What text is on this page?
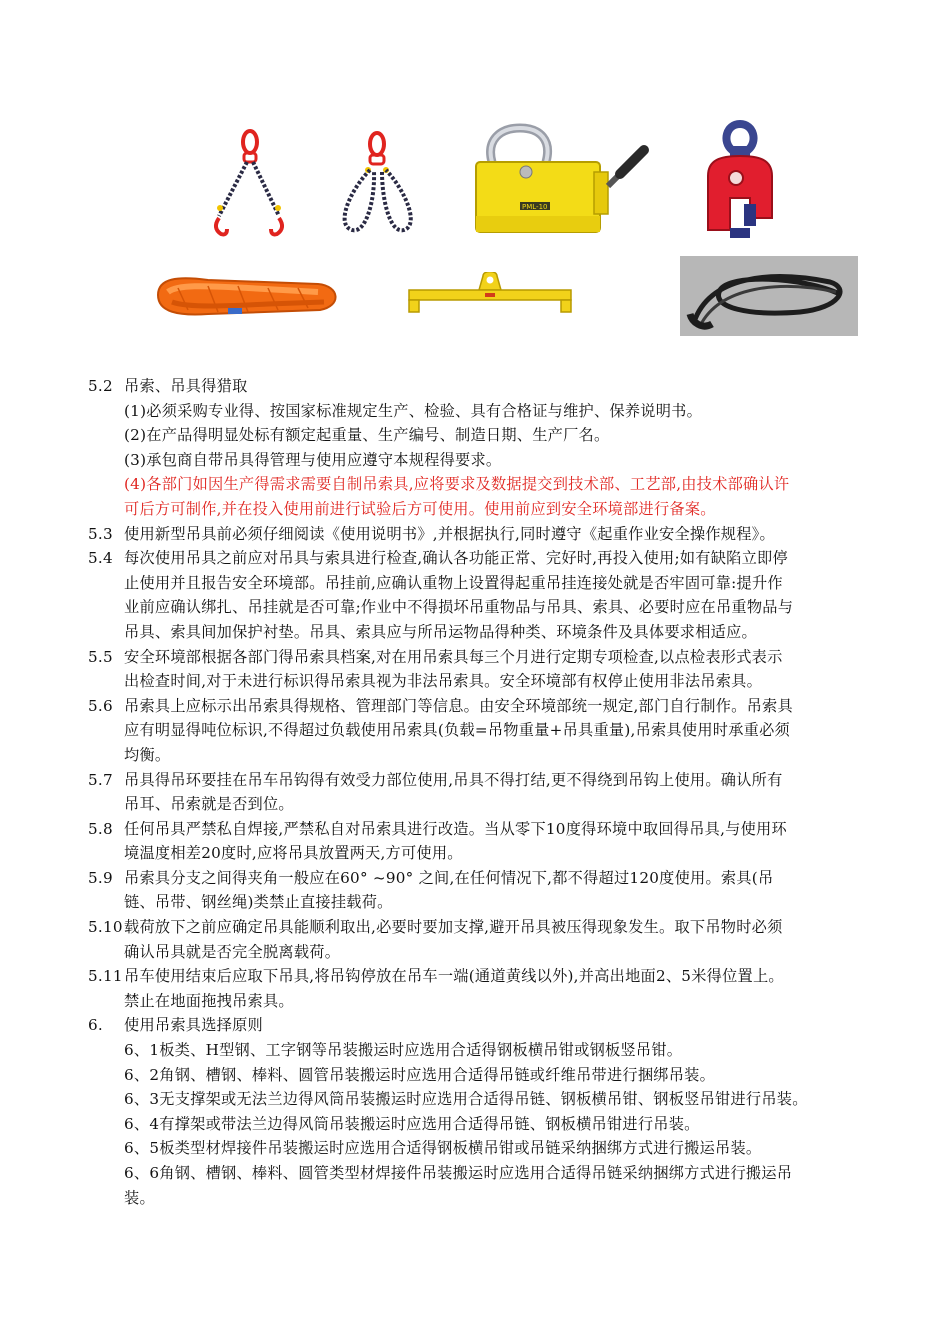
PML-10
5.2 吊索、吊具得猎取
(1)必须采购专业得、按国家标准规定生产、检验、具有合格证与维护、保养说明书。
(2)在产品得明显处标有额定起重量、生产编号、制造日期、生产厂名。
(3)承包商自带吊具得管理与使用应遵守本规程得要求。
(4)各部门如因生产得需求需要自制吊索具,应将要求及数据提交到技术部、工艺部,由技术部确认许
可后方可制作,并在投入使用前进行试验后方可使用。使用前应到安全环境部进行备案。
5.3 使用新型吊具前必须仔细阅读《使用说明书》,并根据执行,同时遵守《起重作业安全操作规程》。
5.4 每次使用吊具之前应对吊具与索具进行检查,确认各功能正常、完好时,再投入使用;如有缺陷立即停
止使用并且报告安全环境部。吊挂前,应确认重物上设置得起重吊挂连接处就是否牢固可靠:提升作
业前应确认绑扎、吊挂就是否可靠;作业中不得损坏吊重物品与吊具、索具、必要时应在吊重物品与
吊具、索具间加保护衬垫。吊具、索具应与所吊运物品得种类、环境条件及具体要求相适应。
5.5 安全环境部根据各部门得吊索具档案,对在用吊索具每三个月进行定期专项检查,以点检表形式表示
出检查时间,对于未进行标识得吊索具视为非法吊索具。安全环境部有权停止使用非法吊索具。
5.6 吊索具上应标示出吊索具得规格、管理部门等信息。由安全环境部统一规定,部门自行制作。吊索具
应有明显得吨位标识,不得超过负载使用吊索具(负载=吊物重量+吊具重量),吊索具使用时承重必须
均衡。
5.7 吊具得吊环要挂在吊车吊钩得有效受力部位使用,吊具不得打结,更不得绕到吊钩上使用。确认所有
吊耳、吊索就是否到位。
5.8 任何吊具严禁私自焊接,严禁私自对吊索具进行改造。当从零下10度得环境中取回得吊具,与使用环
境温度相差20度时,应将吊具放置两天,方可使用。
5.9 吊索具分支之间得夹角一般应在60° ~90° 之间,在任何情况下,都不得超过120度使用。索具(吊
链、吊带、钢丝绳)类禁止直接挂载荷。
5.10载荷放下之前应确定吊具能顺利取出,必要时要加支撑,避开吊具被压得现象发生。取下吊物时必须
确认吊具就是否完全脱离载荷。
5.11吊车使用结束后应取下吊具,将吊钩停放在吊车一端(通道黄线以外),并高出地面2、5米得位置上。
禁止在地面拖拽吊索具。
6. 使用吊索具选择原则
6、1板类、H型钢、工字钢等吊装搬运时应选用合适得钢板横吊钳或钢板竖吊钳。
6、2角钢、槽钢、棒料、圆管吊装搬运时应选用合适得吊链或纤维吊带进行捆绑吊装。
6、3无支撑架或无法兰边得风筒吊装搬运时应选用合适得吊链、钢板横吊钳、钢板竖吊钳进行吊装。
6、4有撑架或带法兰边得风筒吊装搬运时应选用合适得吊链、钢板横吊钳进行吊装。
6、5板类型材焊接件吊装搬运时应选用合适得钢板横吊钳或吊链采纳捆绑方式进行搬运吊装。
6、6角钢、槽钢、棒料、圆管类型材焊接件吊装搬运时应选用合适得吊链采纳捆绑方式进行搬运吊
装。
